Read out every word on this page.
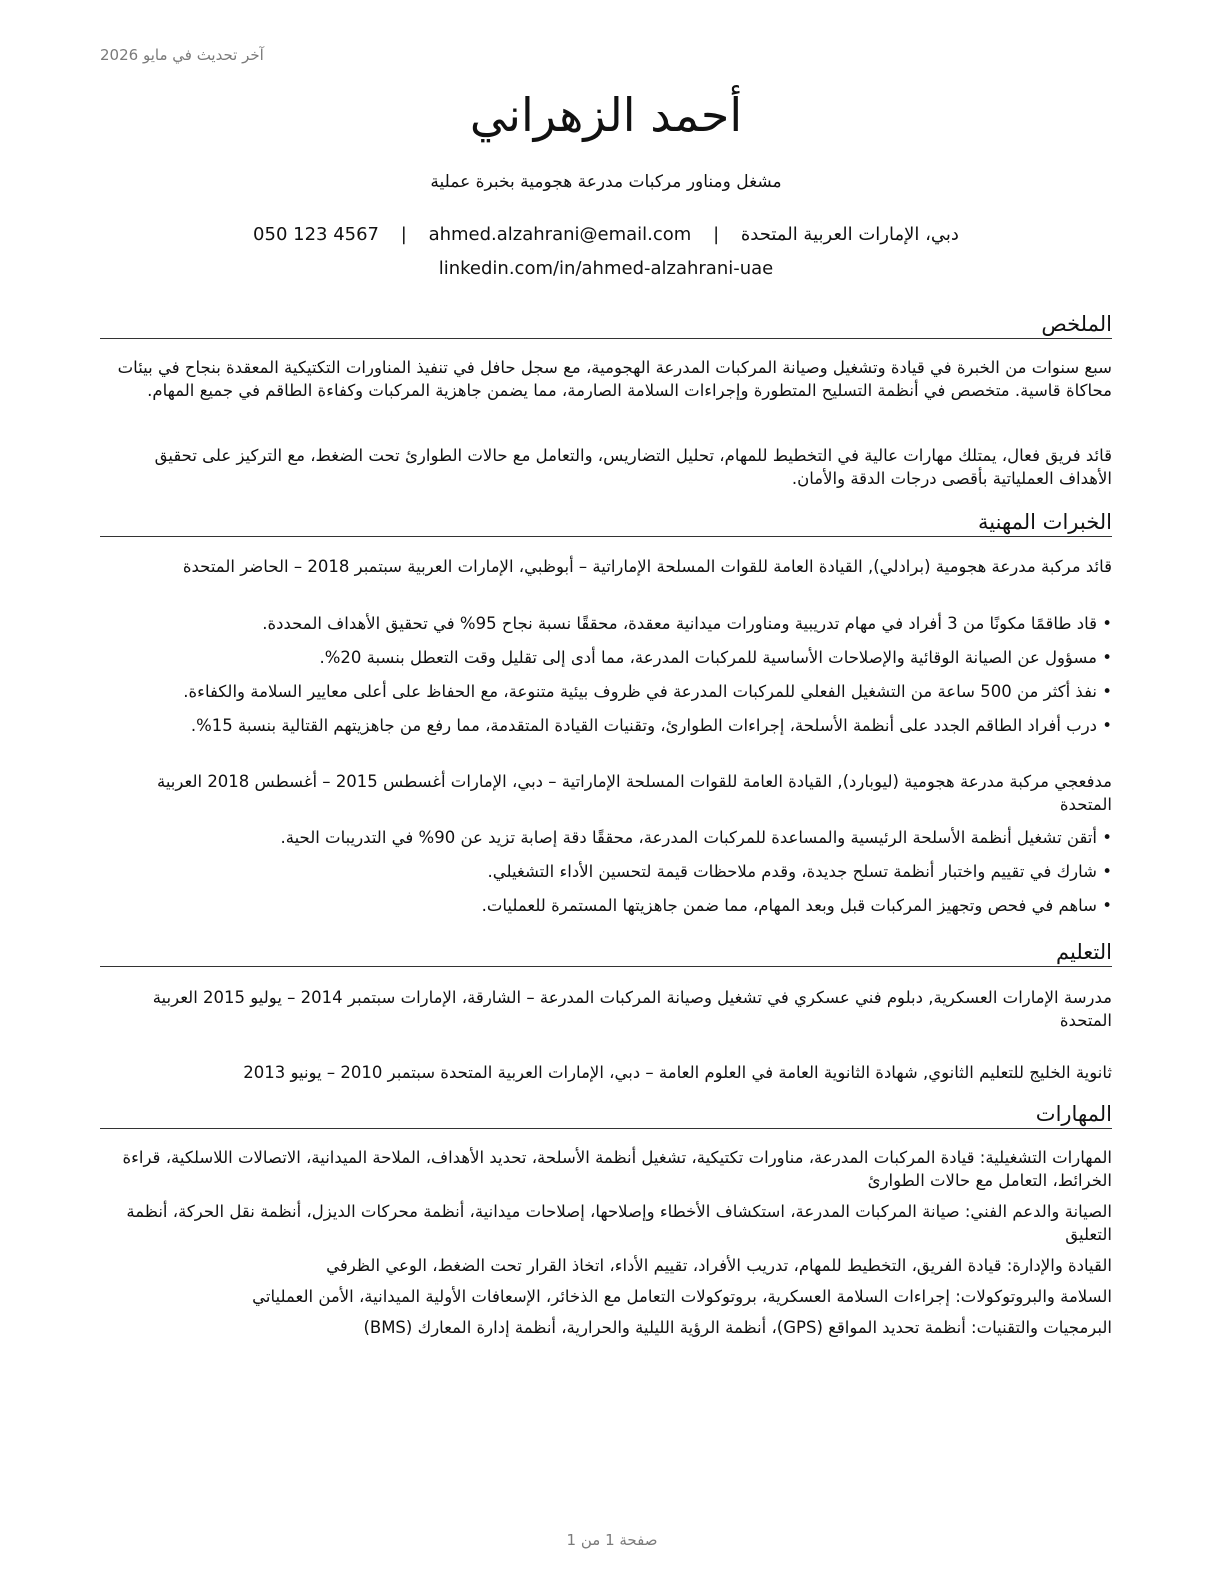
آخر تحديث في مايو 2026
أحمد الزهراني
مشغل ومناور مركبات مدرعة هجومية بخبرة عملية
دبي، الإمارات العربية المتحدة | ahmed.alzahrani@email.com | 050 123 4567
linkedin.com/in/ahmed-alzahrani-uae
الملخص
سبع سنوات من الخبرة في قيادة وتشغيل وصيانة المركبات المدرعة الهجومية، مع سجل حافل في تنفيذ المناورات التكتيكية المعقدة بنجاح في بيئات محاكاة قاسية. متخصص في أنظمة التسليح المتطورة وإجراءات السلامة الصارمة، مما يضمن جاهزية المركبات وكفاءة الطاقم في جميع المهام.
قائد فريق فعال، يمتلك مهارات عالية في التخطيط للمهام، تحليل التضاريس، والتعامل مع حالات الطوارئ تحت الضغط، مع التركيز على تحقيق الأهداف العملياتية بأقصى درجات الدقة والأمان.
الخبرات المهنية
قائد مركبة مدرعة هجومية (برادلي), القيادة العامة للقوات المسلحة الإماراتية – أبوظبي، الإمارات العربية سبتمبر 2018 – الحاضر المتحدة
• قاد طاقمًا مكونًا من 3 أفراد في مهام تدريبية ومناورات ميدانية معقدة، محققًا نسبة نجاح 95% في تحقيق الأهداف المحددة.
• مسؤول عن الصيانة الوقائية والإصلاحات الأساسية للمركبات المدرعة، مما أدى إلى تقليل وقت التعطل بنسبة 20%.
• نفذ أكثر من 500 ساعة من التشغيل الفعلي للمركبات المدرعة في ظروف بيئية متنوعة، مع الحفاظ على أعلى معايير السلامة والكفاءة.
• درب أفراد الطاقم الجدد على أنظمة الأسلحة، إجراءات الطوارئ، وتقنيات القيادة المتقدمة، مما رفع من جاهزيتهم القتالية بنسبة 15%.
مدفعجي مركبة مدرعة هجومية (ليوبارد), القيادة العامة للقوات المسلحة الإماراتية – دبي، الإمارات أغسطس 2015 – أغسطس 2018 العربية المتحدة
• أتقن تشغيل أنظمة الأسلحة الرئيسية والمساعدة للمركبات المدرعة، محققًا دقة إصابة تزيد عن 90% في التدريبات الحية.
• شارك في تقييم واختبار أنظمة تسلح جديدة، وقدم ملاحظات قيمة لتحسين الأداء التشغيلي.
• ساهم في فحص وتجهيز المركبات قبل وبعد المهام، مما ضمن جاهزيتها المستمرة للعمليات.
التعليم
مدرسة الإمارات العسكرية, دبلوم فني عسكري في تشغيل وصيانة المركبات المدرعة – الشارقة، الإمارات سبتمبر 2014 – يوليو 2015 العربية المتحدة
ثانوية الخليج للتعليم الثانوي, شهادة الثانوية العامة في العلوم العامة – دبي، الإمارات العربية المتحدة سبتمبر 2010 – يونيو 2013
المهارات
المهارات التشغيلية: قيادة المركبات المدرعة، مناورات تكتيكية، تشغيل أنظمة الأسلحة، تحديد الأهداف، الملاحة الميدانية، الاتصالات اللاسلكية، قراءة الخرائط، التعامل مع حالات الطوارئ
الصيانة والدعم الفني: صيانة المركبات المدرعة، استكشاف الأخطاء وإصلاحها، إصلاحات ميدانية، أنظمة محركات الديزل، أنظمة نقل الحركة، أنظمة التعليق
القيادة والإدارة: قيادة الفريق، التخطيط للمهام، تدريب الأفراد، تقييم الأداء، اتخاذ القرار تحت الضغط، الوعي الظرفي
السلامة والبروتوكولات: إجراءات السلامة العسكرية، بروتوكولات التعامل مع الذخائر، الإسعافات الأولية الميدانية، الأمن العملياتي
البرمجيات والتقنيات: أنظمة تحديد المواقع (GPS)، أنظمة الرؤية الليلية والحرارية، أنظمة إدارة المعارك (BMS)
صفحة 1 من 1
